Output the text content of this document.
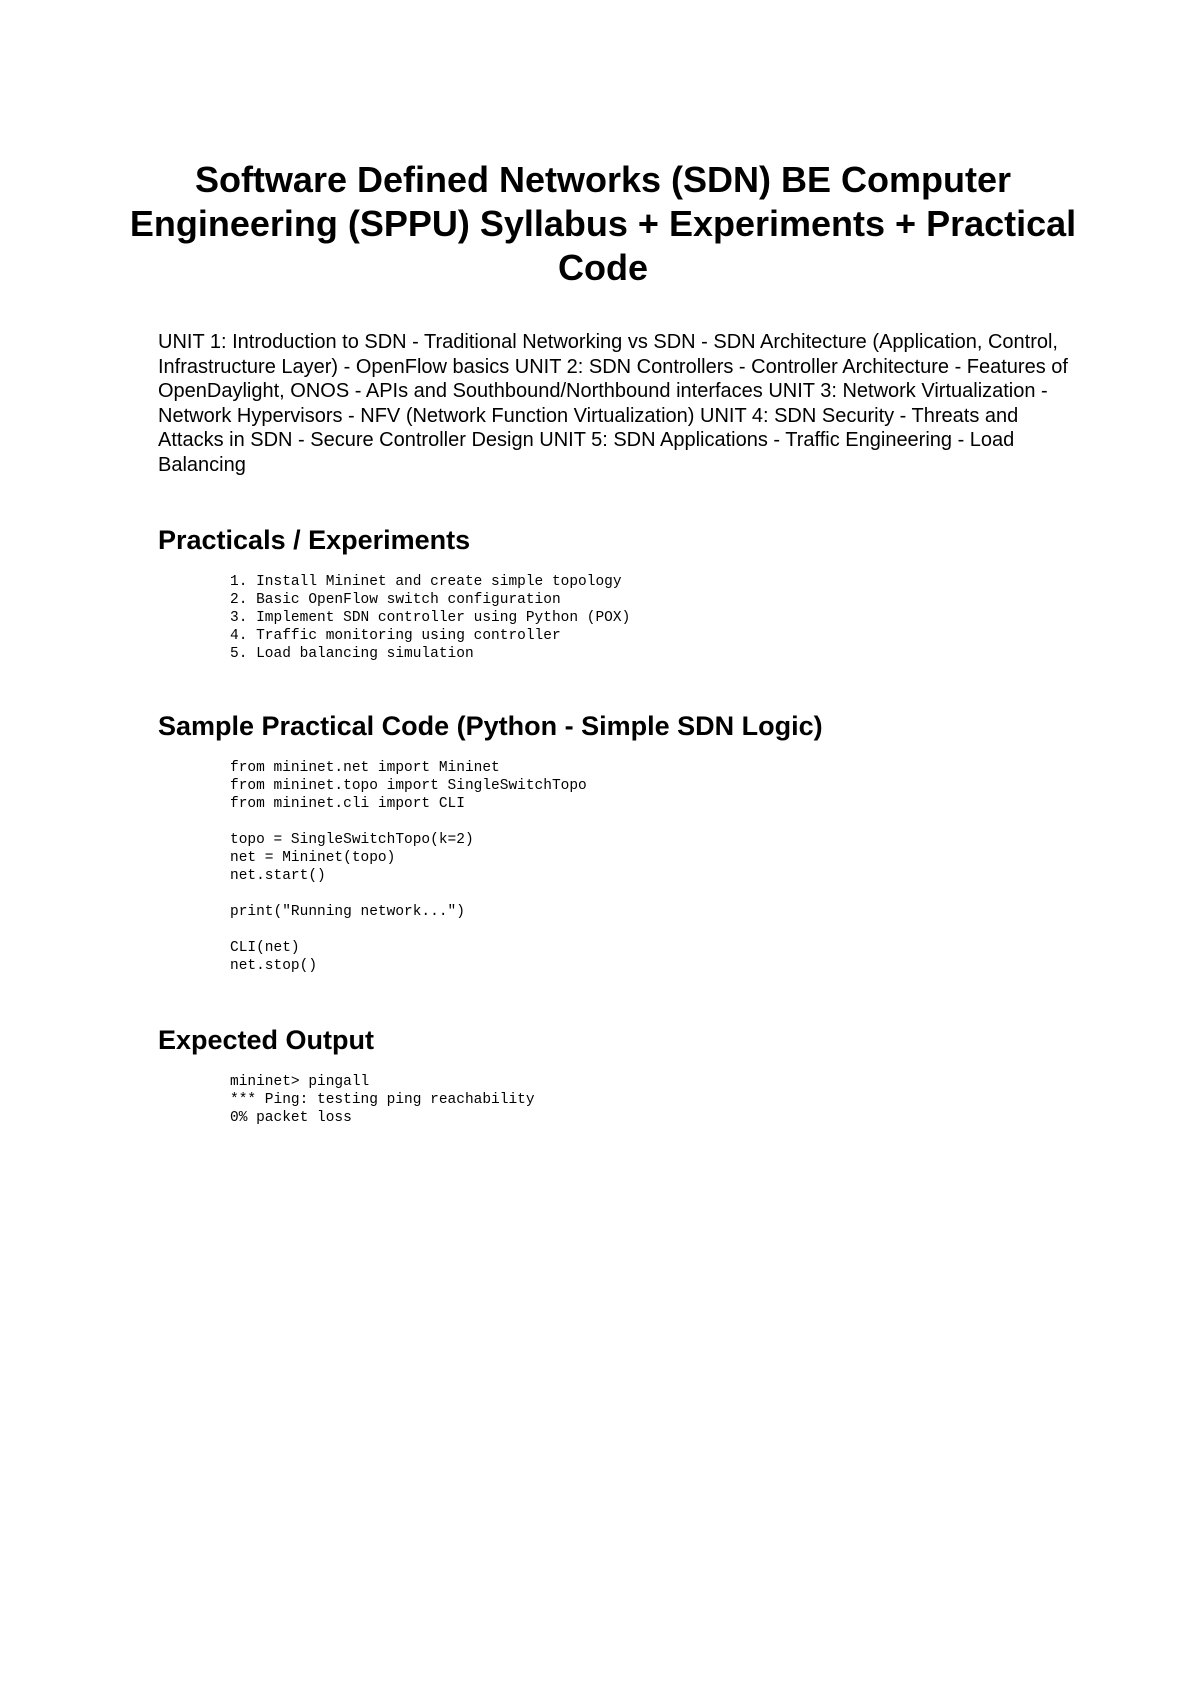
Software Defined Networks (SDN) BE Computer Engineering (SPPU) Syllabus + Experiments + Practical Code

UNIT 1: Introduction to SDN - Traditional Networking vs SDN - SDN Architecture (Application, Control, Infrastructure Layer) - OpenFlow basics UNIT 2: SDN Controllers - Controller Architecture - Features of OpenDaylight, ONOS - APIs and Southbound/Northbound interfaces UNIT 3: Network Virtualization - Network Hypervisors - NFV (Network Function Virtualization) UNIT 4: SDN Security - Threats and Attacks in SDN - Secure Controller Design UNIT 5: SDN Applications - Traffic Engineering - Load Balancing

Practicals / Experiments
1. Install Mininet and create simple topology
2. Basic OpenFlow switch configuration
3. Implement SDN controller using Python (POX)
4. Traffic monitoring using controller
5. Load balancing simulation
Sample Practical Code (Python - Simple SDN Logic)
from mininet.net import Mininet
from mininet.topo import SingleSwitchTopo
from mininet.cli import CLI

topo = SingleSwitchTopo(k=2)
net = Mininet(topo)
net.start()

print("Running network...")

CLI(net)
net.stop()
Expected Output
mininet> pingall
*** Ping: testing ping reachability
0% packet loss
